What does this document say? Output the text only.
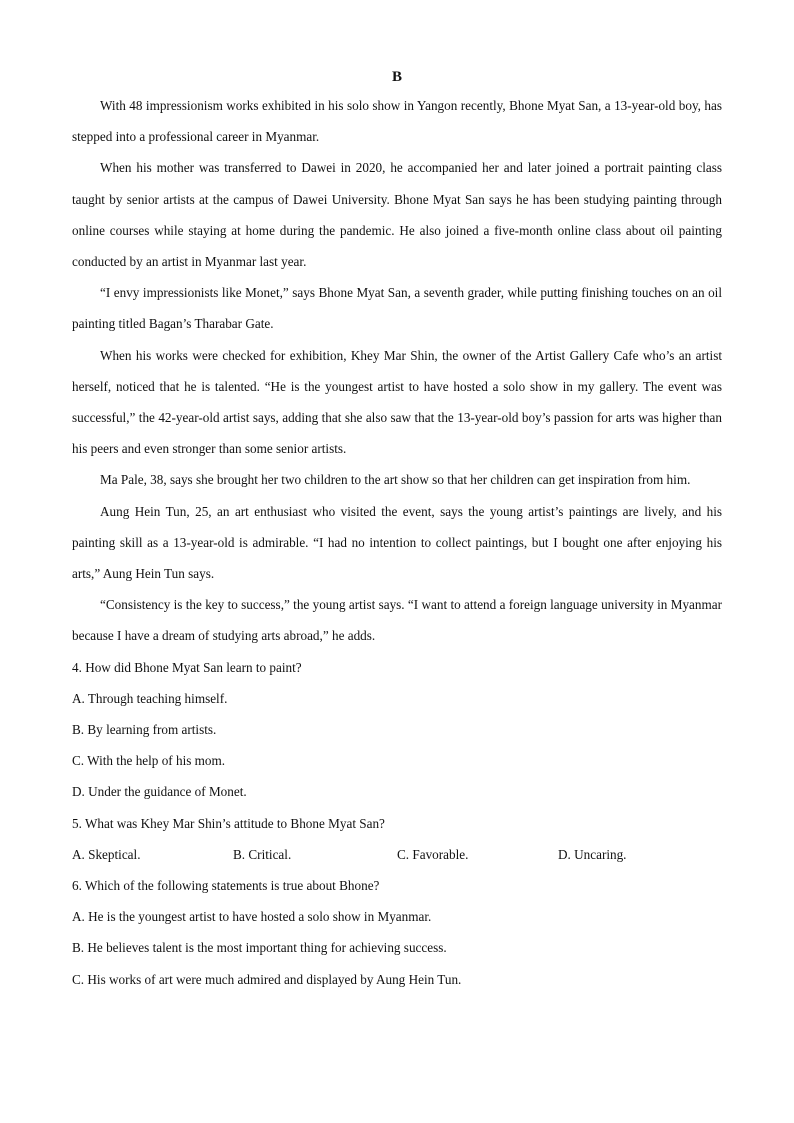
B

With 48 impressionism works exhibited in his solo show in Yangon recently, Bhone Myat San, a 13-year-old boy, has stepped into a professional career in Myanmar.

When his mother was transferred to Dawei in 2020, he accompanied her and later joined a portrait painting class taught by senior artists at the campus of Dawei University. Bhone Myat San says he has been studying painting through online courses while staying at home during the pandemic. He also joined a five-month online class about oil painting conducted by an artist in Myanmar last year.

“I envy impressionists like Monet,” says Bhone Myat San, a seventh grader, while putting finishing touches on an oil painting titled Bagan’s Tharabar Gate.

When his works were checked for exhibition, Khey Mar Shin, the owner of the Artist Gallery Cafe who’s an artist herself, noticed that he is talented. “He is the youngest artist to have hosted a solo show in my gallery. The event was successful,” the 42-year-old artist says, adding that she also saw that the 13-year-old boy’s passion for arts was higher than his peers and even stronger than some senior artists.

Ma Pale, 38, says she brought her two children to the art show so that her children can get inspiration from him.

Aung Hein Tun, 25, an art enthusiast who visited the event, says the young artist’s paintings are lively, and his painting skill as a 13-year-old is admirable. “I had no intention to collect paintings, but I bought one after enjoying his arts,” Aung Hein Tun says.

“Consistency is the key to success,” the young artist says. “I want to attend a foreign language university in Myanmar because I have a dream of studying arts abroad,” he adds.

4. How did Bhone Myat San learn to paint?

A. Through teaching himself.

B. By learning from artists.

C. With the help of his mom.

D. Under the guidance of Monet.

5. What was Khey Mar Shin’s attitude to Bhone Myat San?

A. Skeptical.	B. Critical.	C. Favorable.	D. Uncaring.

6. Which of the following statements is true about Bhone?

A. He is the youngest artist to have hosted a solo show in Myanmar.

B. He believes talent is the most important thing for achieving success.

C. His works of art were much admired and displayed by Aung Hein Tun.
